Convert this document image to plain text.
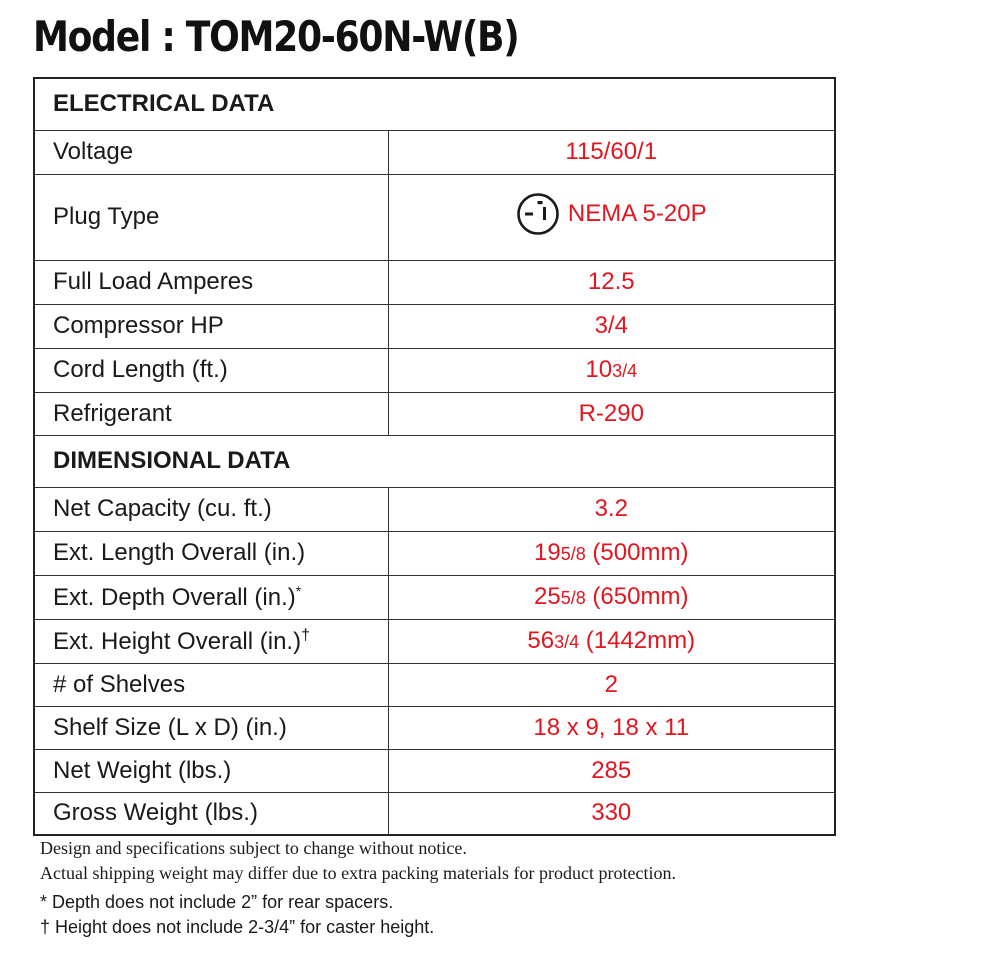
Model : TOM20-60N-W(B)
ELECTRICAL DATA	
Voltage	115/60/1
Plug Type	NEMA 5-20P

Full Load Amperes	12.5
Compressor HP	3/4
Cord Length (ft.)	103/4
Refrigerant	R-290
DIMENSIONAL DATA	
Net Capacity (cu. ft.)	3.2
Ext. Length Overall (in.)	195/8 (500mm)
Ext. Depth Overall (in.)*	255/8 (650mm)
Ext. Height Overall (in.)†	563/4 (1442mm)
# of Shelves	2
Shelf Size (L x D) (in.)	18 x 9, 18 x 11
Net Weight (lbs.)	285
Gross Weight (lbs.)	330
Design and specifications subject to change without notice.
Actual shipping weight may differ due to extra packing materials for product protection.
* Depth does not include 2” for rear spacers.
† Height does not include 2-3/4” for caster height.
